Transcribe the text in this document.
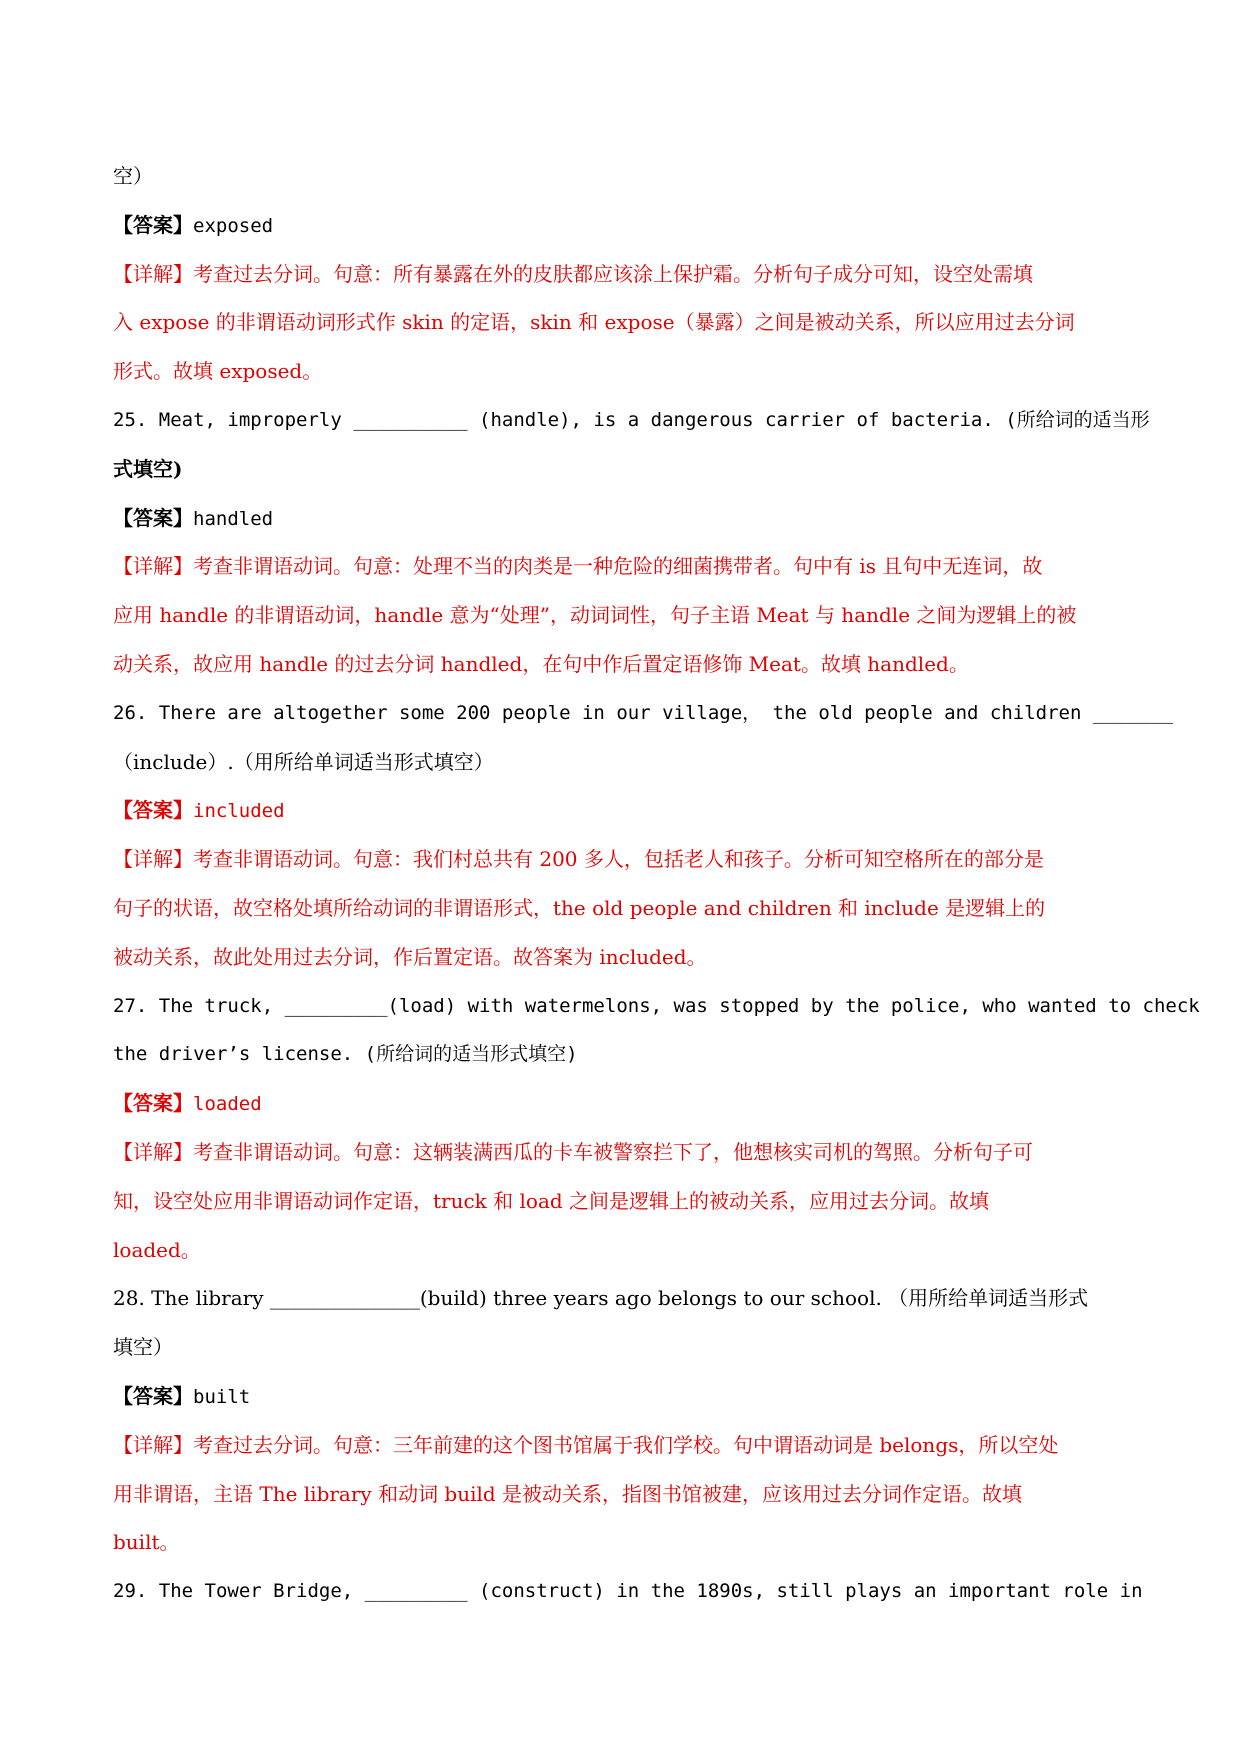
空）
【答案】exposed
【详解】考查过去分词。句意：所有暴露在外的皮肤都应该涂上保护霜。分析句子成分可知，设空处需填
入 expose 的非谓语动词形式作 skin 的定语，skin 和 expose（暴露）之间是被动关系，所以应用过去分词
形式。故填 exposed。
25. Meat, improperly __________ (handle), is a dangerous carrier of bacteria. (所给词的适当形
式填空)
【答案】handled
【详解】考查非谓语动词。句意：处理不当的肉类是一种危险的细菌携带者。句中有 is 且句中无连词，故
应用 handle 的非谓语动词，handle 意为“处理”，动词词性，句子主语 Meat 与 handle 之间为逻辑上的被
动关系，故应用 handle 的过去分词 handled，在句中作后置定语修饰 Meat。故填 handled。
26. There are altogether some 200 people in our village， the old people and children _______
（include）.（用所给单词适当形式填空）
【答案】included
【详解】考查非谓语动词。句意：我们村总共有 200 多人，包括老人和孩子。分析可知空格所在的部分是
句子的状语，故空格处填所给动词的非谓语形式，the old people and children 和 include 是逻辑上的
被动关系，故此处用过去分词，作后置定语。故答案为 included。
27. The truck, _________(load) with watermelons, was stopped by the police, who wanted to check
the driver’s license. (所给词的适当形式填空)
【答案】loaded
【详解】考查非谓语动词。句意：这辆装满西瓜的卡车被警察拦下了，他想核实司机的驾照。分析句子可
知，设空处应用非谓语动词作定语，truck 和 load 之间是逻辑上的被动关系，应用过去分词。故填
loaded。
28. The library _______________(build) three years ago belongs to our school. （用所给单词适当形式
填空）
【答案】built
【详解】考查过去分词。句意：三年前建的这个图书馆属于我们学校。句中谓语动词是 belongs，所以空处
用非谓语，主语 The library 和动词 build 是被动关系，指图书馆被建，应该用过去分词作定语。故填
built。
29. The Tower Bridge, _________ (construct) in the 1890s, still plays an important role in
